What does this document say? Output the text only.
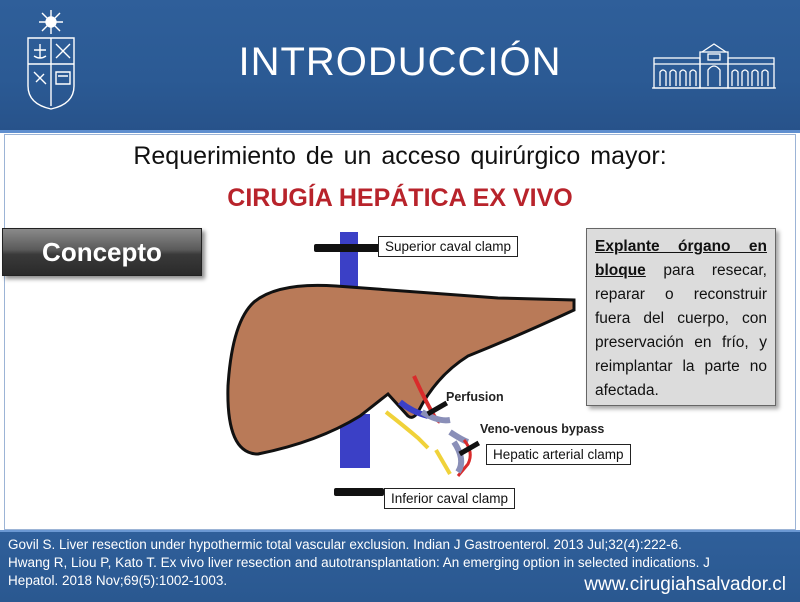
INTRODUCCIÓN
Requerimiento de un acceso quirúrgico mayor:
CIRUGÍA HEPÁTICA EX VIVO
Concepto	Explante órgano en bloque para resecar, reparar o reconstruir fuera del cuerpo, con preservación en frío, y reimplantar la parte no afectada.
Superior caval clamp
Perfusion
Veno-venous bypass
Hepatic arterial clamp
Inferior caval clamp
Govil S. Liver resection under hypothermic total vascular exclusion. Indian J Gastroenterol. 2013 Jul;32(4):222-6.
Hwang R, Liou P, Kato T. Ex vivo liver resection and autotransplantation: An emerging option in selected indications. J
Hepatol. 2018 Nov;69(5):1002-1003.	www.cirugiahsalvador.cl
